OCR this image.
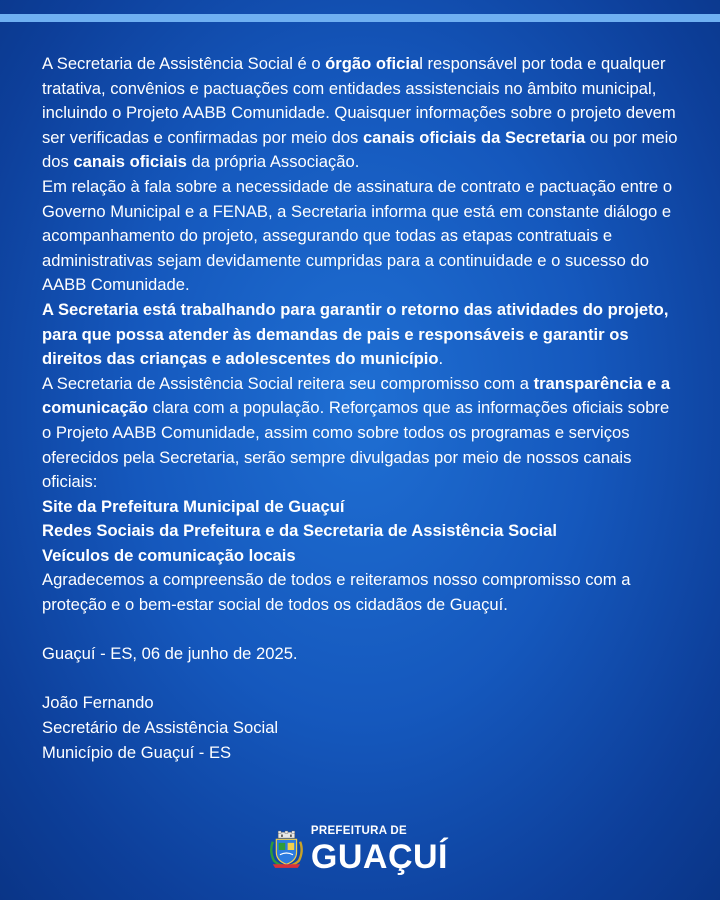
A Secretaria de Assistência Social é o órgão oficial responsável por toda e qualquer tratativa, convênios e pactuações com entidades assistenciais no âmbito municipal, incluindo o Projeto AABB Comunidade. Quaisquer informações sobre o projeto devem ser verificadas e confirmadas por meio dos canais oficiais da Secretaria ou por meio dos canais oficiais da própria Associação.

Em relação à fala sobre a necessidade de assinatura de contrato e pactuação entre o Governo Municipal e a FENAB, a Secretaria informa que está em constante diálogo e acompanhamento do projeto, assegurando que todas as etapas contratuais e administrativas sejam devidamente cumpridas para a continuidade e o sucesso do AABB Comunidade.

A Secretaria está trabalhando para garantir o retorno das atividades do projeto, para que possa atender às demandas de pais e responsáveis e garantir os direitos das crianças e adolescentes do município.

A Secretaria de Assistência Social reitera seu compromisso com a transparência e a comunicação clara com a população. Reforçamos que as informações oficiais sobre o Projeto AABB Comunidade, assim como sobre todos os programas e serviços oferecidos pela Secretaria, serão sempre divulgadas por meio de nossos canais oficiais:

Site da Prefeitura Municipal de Guaçuí

Redes Sociais da Prefeitura e da Secretaria de Assistência Social

Veículos de comunicação locais

Agradecemos a compreensão de todos e reiteramos nosso compromisso com a proteção e o bem-estar social de todos os cidadãos de Guaçuí.

Guaçuí - ES, 06 de junho de 2025.

João Fernando

Secretário de Assistência Social

Município de Guaçuí - ES

PREFEITURA DE
GUAÇUÍ
